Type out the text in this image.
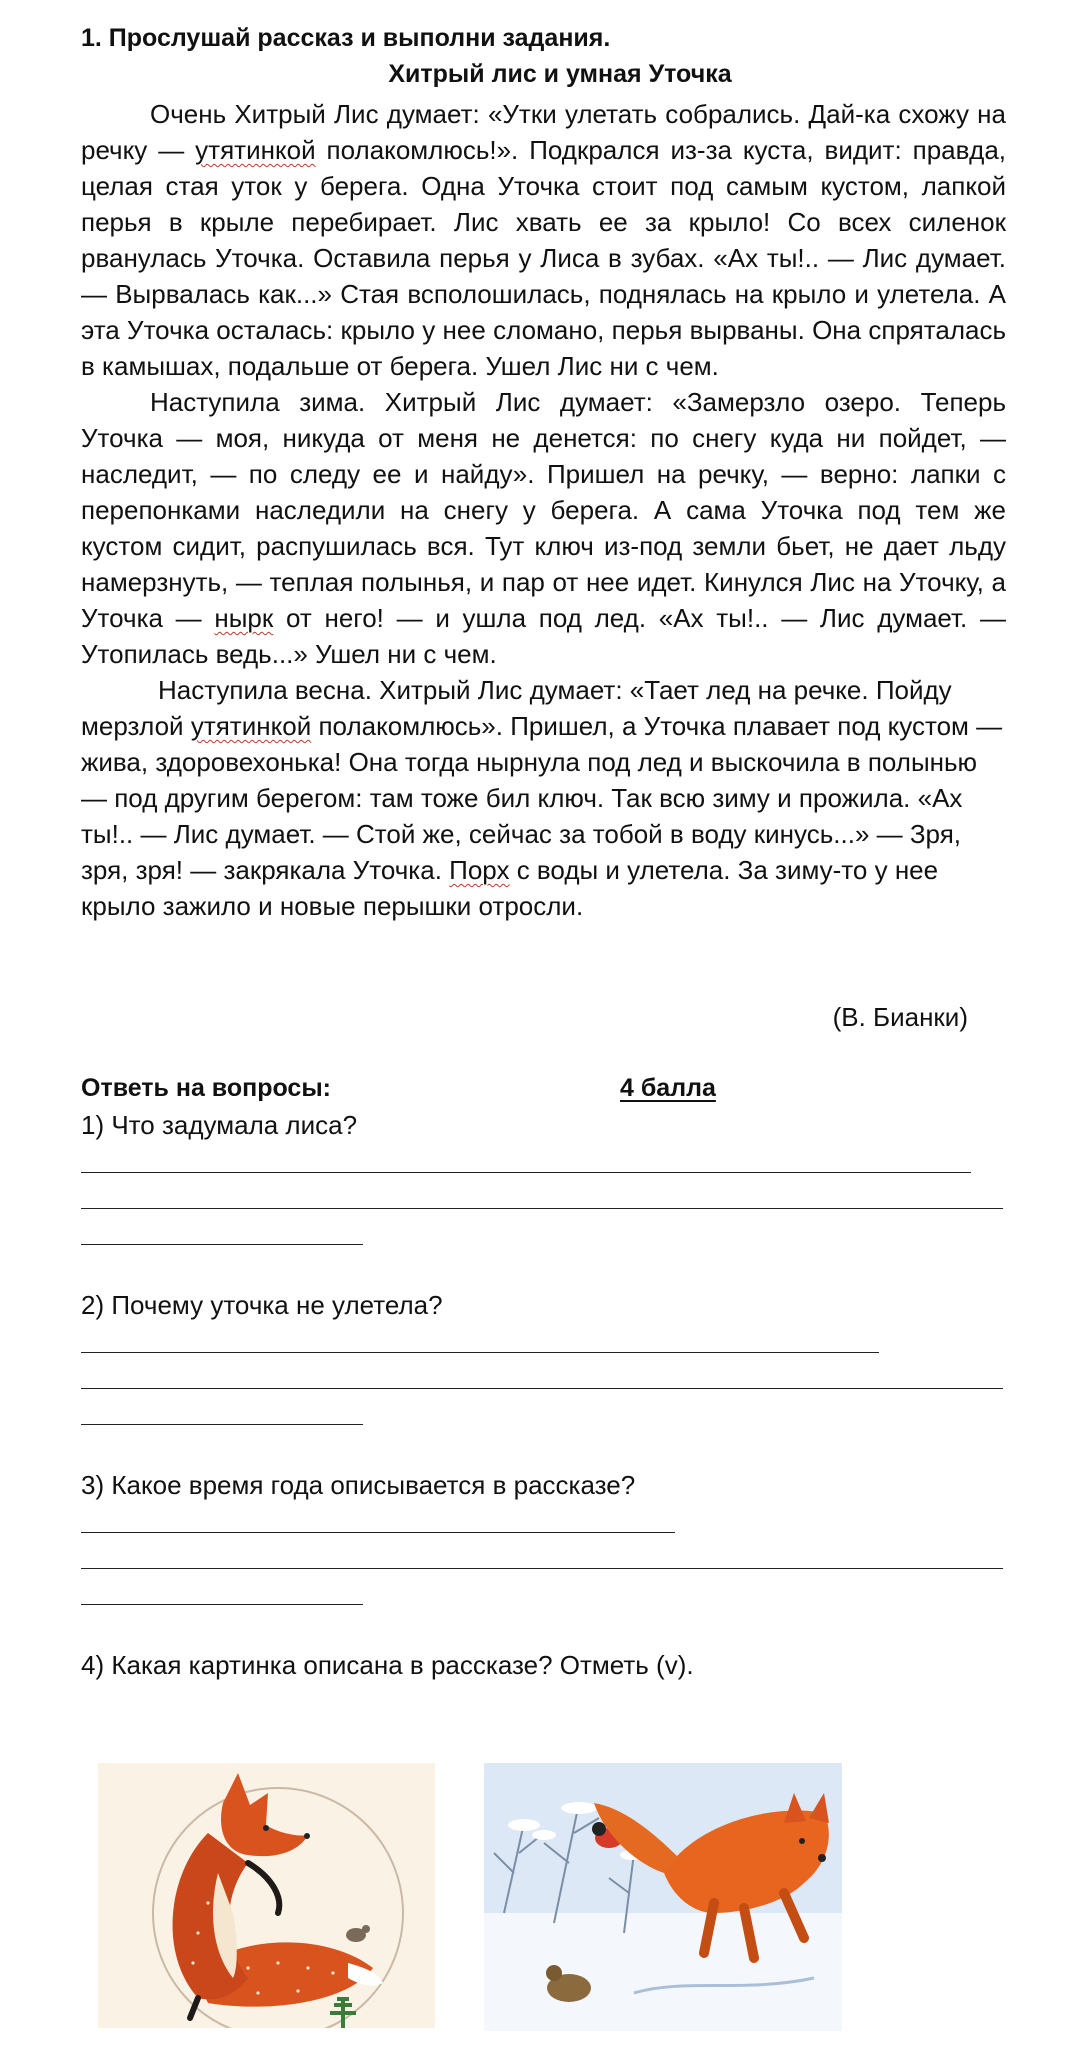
1. Прослушай рассказ и выполни задания.
Хитрый лис и умная Уточка

Очень Хитрый Лис думает: «Утки улетать собрались. Дай-ка схожу на речку — утятинкой полакомлюсь!». Подкрался из-за куста, видит: правда, целая стая уток у берега. Одна Уточка стоит под самым кустом, лапкой перья в крыле перебирает. Лис хвать ее за крыло! Со всех силенок рванулась Уточка. Оставила перья у Лиса в зубах. «Ах ты!.. — Лис думает. — Вырвалась как...» Стая всполошилась, поднялась на крыло и улетела. А эта Уточка осталась: крыло у нее сломано, перья вырваны. Она спряталась в камышах, подальше от берега. Ушел Лис ни с чем.

Наступила зима. Хитрый Лис думает: «Замерзло озеро. Теперь Уточка — моя, никуда от меня не денется: по снегу куда ни пойдет, — наследит, — по следу ее и найду». Пришел на речку, — верно: лапки с перепонками наследили на снегу у берега. А сама Уточка под тем же кустом сидит, распушилась вся. Тут ключ из-под земли бьет, не дает льду намерзнуть, — теплая полынья, и пар от нее идет. Кинулся Лис на Уточку, а Уточка — нырк от него! — и ушла под лед. «Ах ты!.. — Лис думает. — Утопилась ведь...» Ушел ни с чем.

Наступила весна. Хитрый Лис думает: «Тает лед на речке. Пойду мерзлой утятинкой полакомлюсь». Пришел, а Уточка плавает под кустом — жива, здоровехонька! Она тогда нырнула под лед и выскочила в полынью — под другим берегом: там тоже бил ключ. Так всю зиму и прожила. «Ах ты!.. — Лис думает. — Стой же, сейчас за тобой в воду кинусь...» — Зря, зря, зря! — закрякала Уточка. Порх с воды и улетела. За зиму-то у нее крыло зажило и новые перышки отросли.

(В. Бианки)
Ответь на вопросы:	4 балла
1) Что задумала лиса?
2) Почему уточка не улетела?
3) Какое время года описывается в рассказе?
4) Какая картинка описана в рассказе? Отметь (v).
